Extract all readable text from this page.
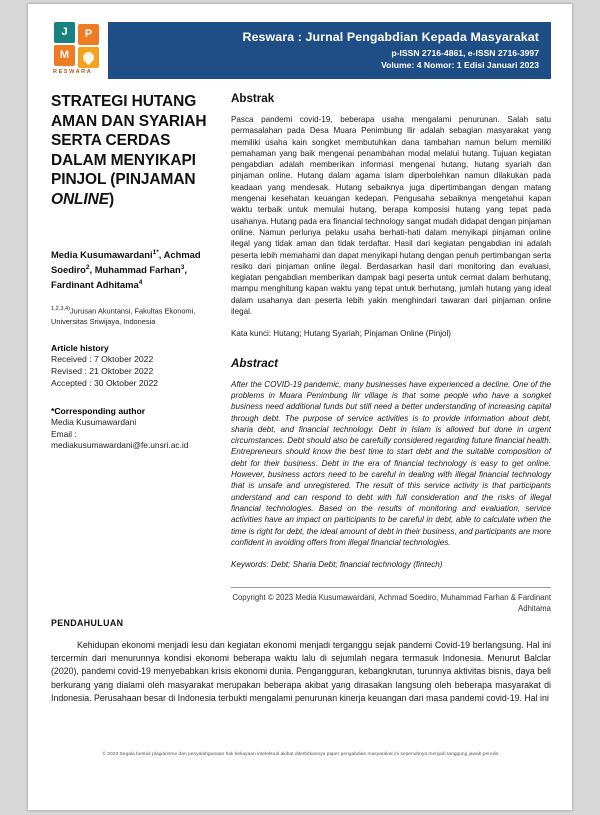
J	P
M
RESWARA
Reswara : Jurnal Pengabdian Kepada Masyarakat
p-ISSN 2716-4861, e-ISSN 2716-3997
Volume: 4 Nomor: 1 Edisi Januari 2023
STRATEGI HUTANG AMAN DAN SYARIAH SERTA CERDAS DALAM MENYIKAPI PINJOL (PINJAMAN ONLINE)
Media Kusumawardani$^{1*}$, Achmad Soediro$^2$, Muhammad Farhan$^3$, Fardinant Adhitama$^4$
$^{1,2,3,4)}$Jurusan Akuntansi, Fakultas Ekonomi, Universitas Sriwijaya, Indonesia
Article history
Received : 7 Oktober 2022
Revised : 21 Oktober 2022
Accepted : 30 Oktober 2022
*Corresponding author
Media Kusumawardani
Email :
mediakusumawardani@fe.unsri.ac.id
Abstrak
Pasca pandemi covid-19, beberapa usaha mengalami penurunan. Salah satu permasalahan pada Desa Muara Penimbung Ilir adalah sebagian masyarakat yang memiliki usaha kain songket membutuhkan dana tambahan namun belum memiliki pemahaman yang baik mengenai penambahan modal melalui hutang. Tujuan kegiatan pengabdian adalah memberikan informasi mengenai hutang, hutang syariah dan pinjaman online. Hutang dalam agama islam diperbolehkan namun dilakukan pada keadaan yang mendesak. Hutang sebaiknya juga dipertimbangan dengan matang mengenai kesehatan keuangan kedepan. Pengusaha sebaiknya mengetahui kapan waktu terbaik untuk memulai hutang, berapa komposisi hutang yang tepat pada usahanya. Hutang pada era financial technology sangat mudah didapat dengan pinjaman online. Namun perlunya pelaku usaha berhati-hati dalam menyikapi pinjaman online ilegal yang tidak aman dan tidak terdaftar. Hasil dari kegiatan pengabdian ini adalah peserta lebih memahami dan dapat menyikapi hutang dengan penuh pertimbangan serta resiko dari pinjaman online ilegal. Berdasarkan hasil dari monitoring dan evaluasi, kegiatan pengabdian memberikan dampak bagi peserta untuk cermat dalam berhutang, mampu menghitung kapan waktu yang tepat untuk berhutang, jumlah hutang yang ideal dalam usahanya dan peserta lebih yakin menghindari tawaran dari pinjaman online ilegal.
Kata kunci: Hutang; Hutang Syariah; Pinjaman Online (Pinjol)
Abstract
After the COVID-19 pandemic, many businesses have experienced a decline. One of the problems in Muara Penimbung Ilir village is that some people who have a songket business need additional funds but still need a better understanding of increasing capital through debt. The purpose of service activities is to provide information about debt, sharia debt, and financial technology. Debt in Islam is allowed but done in urgent circumstances. Debt should also be carefully considered regarding future financial health. Entrepreneurs should know the best time to start debt and the suitable composition of debt for their business. Debt in the era of financial technology is easy to get online. However, business actors need to be careful in dealing with illegal financial technology that is unsafe and unregistered. The result of this service activity is that participants understand and can respond to debt with full consideration and the risks of illegal financial technologies. Based on the results of monitoring and evaluation, service activities have an impact on participants to be careful in debt, able to calculate when the time is right for debt, the ideal amount of debt in their business, and participants are more confident in avoiding offers from illegal financial technologies.
Keywords: Debt; Sharia Debt; financial technology (fintech)
Copyright © 2023 Media Kusumawardani, Achmad Soediro, Muhammad Farhan & Fardinant Adhitama
PENDAHULUAN
Kehidupan ekonomi menjadi lesu dan kegiatan ekonomi menjadi terganggu sejak pandemi Covid-19 berlangsung. Hal ini tercermin dari menurunnya kondisi ekonomi beberapa waktu lalu di sejumlah negara termasuk Indonesia. Menurut Balclar (2020), pandemi covid-19 menyebabkan krisis ekonomi dunia. Pengangguran, kebangkrutan, turunnya aktivitas bisnis, daya beli berkurang yang dialami oleh masyarakat merupakan beberapa akibat yang dirasakan langsung oleh beberapa masyarakat di Indonesia. Perusahaan besar di Indonesia terbukti mengalami penurunan kinerja keuangan dari masa pandemi covid-19. Hal ini
© 2023 Segala bentuk plagiarisme dan penyalahgunaan hak kekayaan intelektual akibat diterbitkannya paper pengabdian masyarakat ini sepenuhnya menjadi tanggung jawab penulis.
